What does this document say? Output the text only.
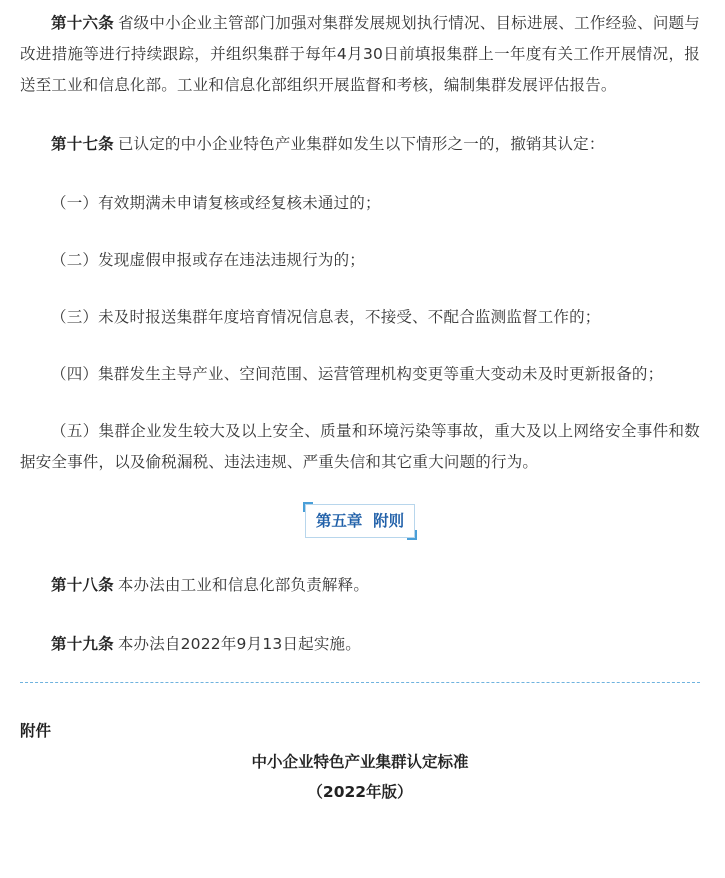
第十六条 省级中小企业主管部门加强对集群发展规划执行情况、目标进展、工作经验、问题与改进措施等进行持续跟踪，并组织集群于每年4月30日前填报集群上一年度有关工作开展情况，报送至工业和信息化部。工业和信息化部组织开展监督和考核，编制集群发展评估报告。

第十七条 已认定的中小企业特色产业集群如发生以下情形之一的，撤销其认定：

（一）有效期满未申请复核或经复核未通过的；

（二）发现虚假申报或存在违法违规行为的；

（三）未及时报送集群年度培育情况信息表，不接受、不配合监测监督工作的；

（四）集群发生主导产业、空间范围、运营管理机构变更等重大变动未及时更新报备的；

（五）集群企业发生较大及以上安全、质量和环境污染等事故，重大及以上网络安全事件和数据安全事件，以及偷税漏税、违法违规、严重失信和其它重大问题的行为。

第五章  附则

第十八条 本办法由工业和信息化部负责解释。

第十九条 本办法自2022年9月13日起实施。

附件
中小企业特色产业集群认定标准
（2022年版）
